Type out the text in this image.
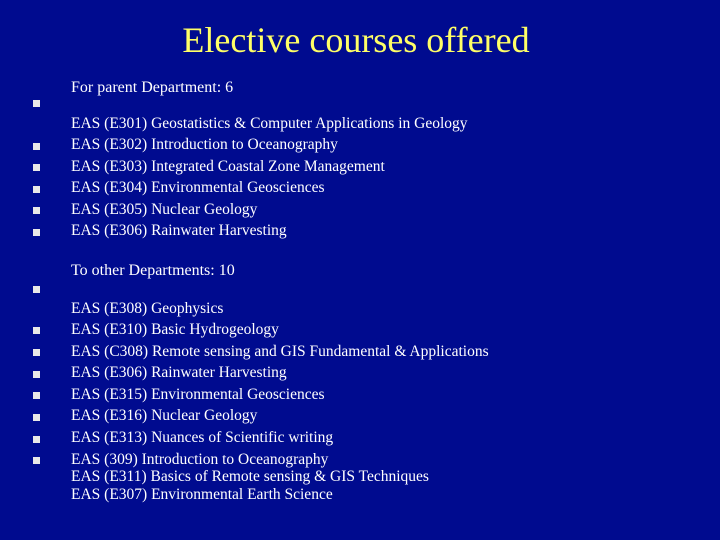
Elective courses offered
For parent Department: 6
EAS (E301) Geostatistics & Computer Applications in Geology
EAS (E302) Introduction to Oceanography
EAS (E303) Integrated Coastal Zone Management
EAS (E304) Environmental Geosciences
EAS (E305) Nuclear Geology
EAS (E306) Rainwater Harvesting
To other Departments: 10
EAS (E308) Geophysics
EAS (E310) Basic Hydrogeology
EAS (C308) Remote sensing and GIS Fundamental & Applications
EAS (E306) Rainwater Harvesting
EAS (E315) Environmental Geosciences
EAS (E316) Nuclear Geology
EAS (E313) Nuances of Scientific writing
EAS (309) Introduction to Oceanography
EAS (E311) Basics of Remote sensing & GIS Techniques
EAS (E307) Environmental Earth Science
